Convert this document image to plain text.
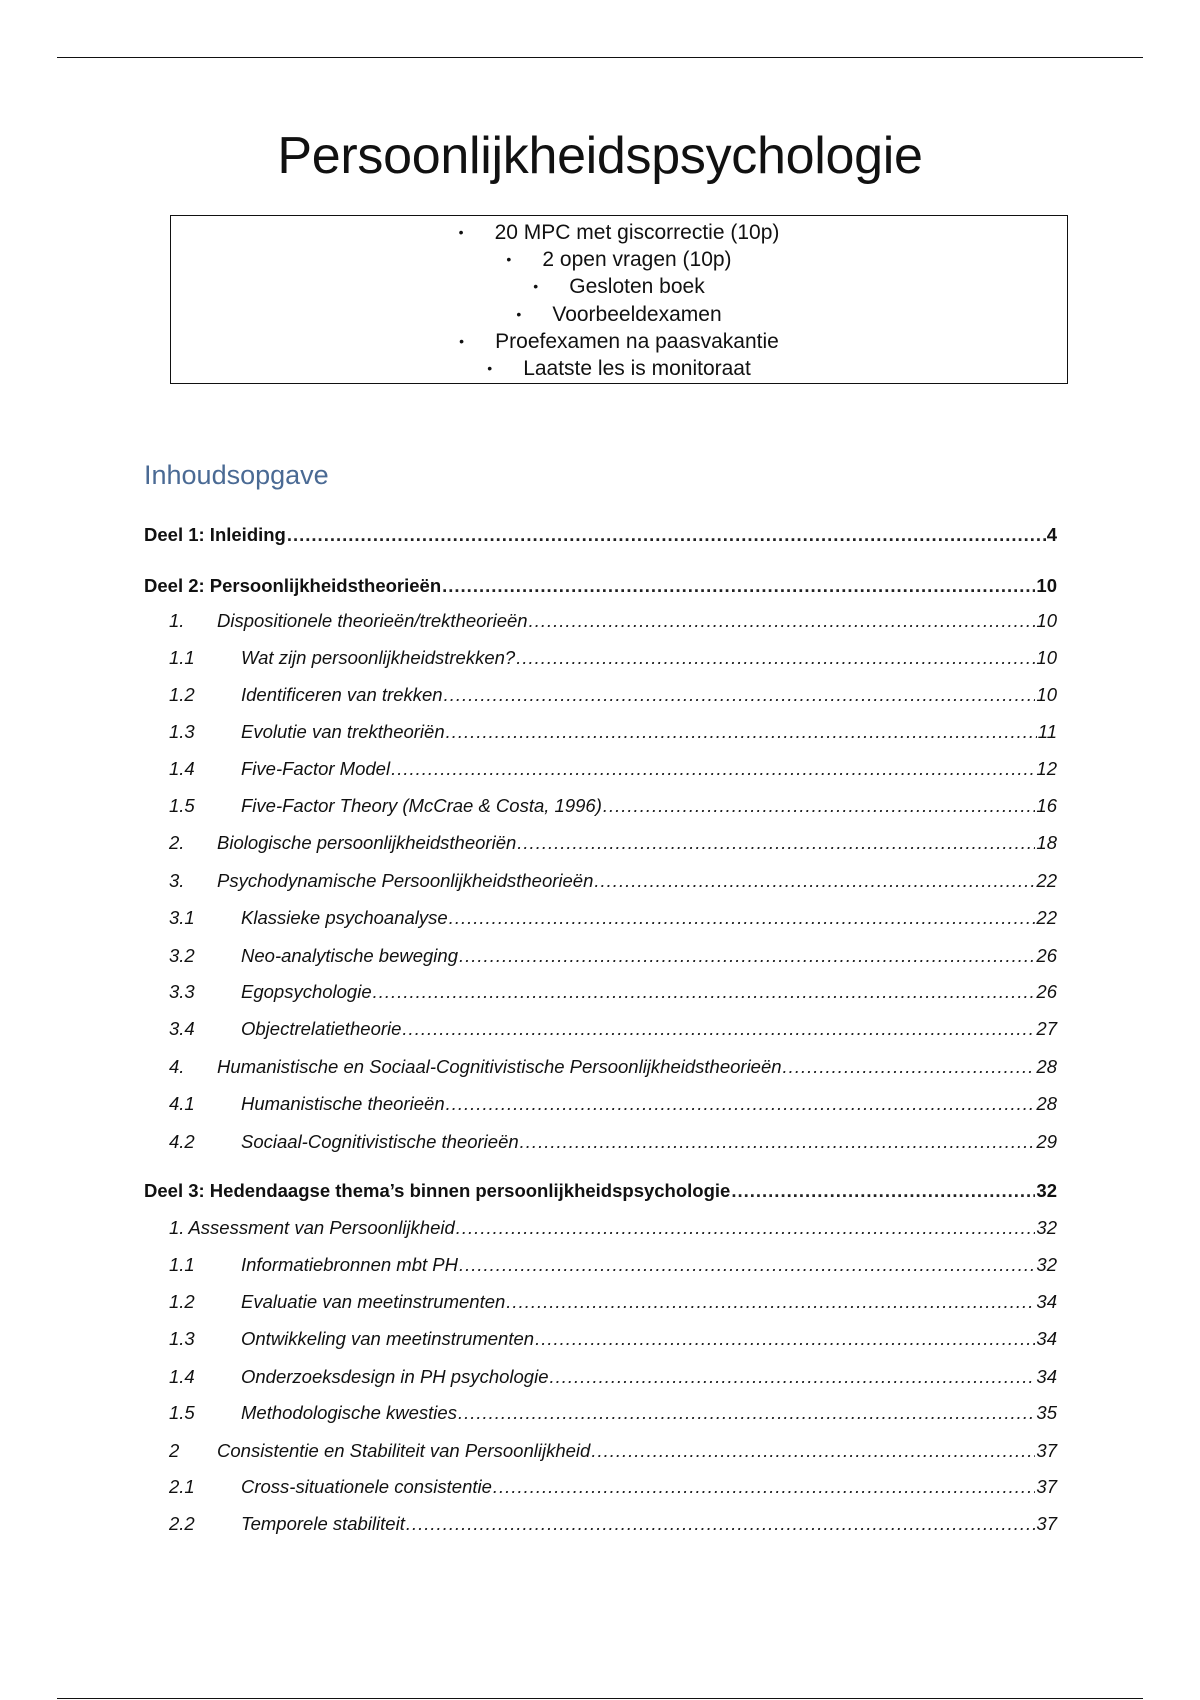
Persoonlijkheidspsychologie
• 20 MPC met giscorrectie (10p)
• 2 open vragen (10p)
• Gesloten boek
• Voorbeeldexamen
• Proefexamen na paasvakantie
• Laatste les is monitoraat
Inhoudsopgave
Deel 1: Inleiding .....	4
Deel 2: Persoonlijkheidstheorieën .....	10
1.	Dispositionele theorieën/trektheorieën .....	10
1.1	Wat zijn persoonlijkheidstrekken? .....	10
1.2	Identificeren van trekken .....	10
1.3	Evolutie van trektheoriën .....	11
1.4	Five-Factor Model .....	12
1.5	Five-Factor Theory (McCrae & Costa, 1996) .....	16
2.	Biologische persoonlijkheidstheoriën .....	18
3.	Psychodynamische Persoonlijkheidstheorieën .....	22
3.1	Klassieke psychoanalyse .....	22
3.2	Neo-analytische beweging .....	26
3.3	Egopsychologie .....	26
3.4	Objectrelatietheorie .....	27
4.	Humanistische en Sociaal-Cognitivistische Persoonlijkheidstheorieën .....	28
4.1	Humanistische theorieën .....	28
4.2	Sociaal-Cognitivistische theorieën .....	29
Deel 3: Hedendaagse thema’s binnen persoonlijkheidspsychologie .....	32
1. Assessment van Persoonlijkheid .....	32
1.1	Informatiebronnen mbt PH .....	32
1.2	Evaluatie van meetinstrumenten .....	34
1.3	Ontwikkeling van meetinstrumenten .....	34
1.4	Onderzoeksdesign in PH psychologie .....	34
1.5	Methodologische kwesties .....	35
2	Consistentie en Stabiliteit van Persoonlijkheid .....	37
2.1	Cross-situationele consistentie .....	37
2.2	Temporele stabiliteit .....	37
